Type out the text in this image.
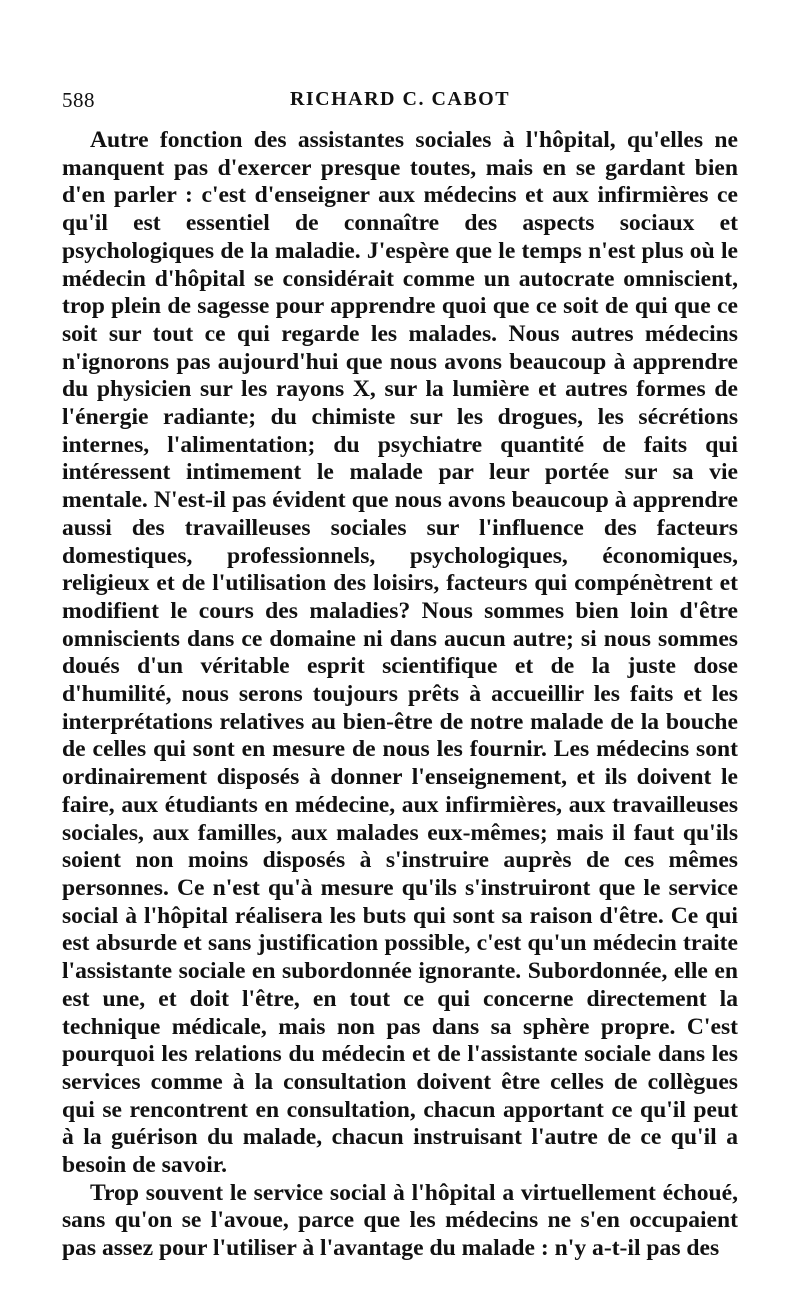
588	RICHARD C. CABOT

Autre fonction des assistantes sociales à l'hôpital, qu'elles ne manquent pas d'exercer presque toutes, mais en se gardant bien d'en parler : c'est d'enseigner aux médecins et aux infirmières ce qu'il est essentiel de connaître des aspects sociaux et psychologiques de la maladie. J'espère que le temps n'est plus où le médecin d'hôpital se considérait comme un autocrate omniscient, trop plein de sagesse pour apprendre quoi que ce soit de qui que ce soit sur tout ce qui regarde les malades. Nous autres médecins n'ignorons pas aujourd'hui que nous avons beaucoup à apprendre du physicien sur les rayons X, sur la lumière et autres formes de l'énergie radiante; du chimiste sur les drogues, les sécrétions internes, l'alimentation; du psychiatre quantité de faits qui intéressent intimement le malade par leur portée sur sa vie mentale. N'est-il pas évident que nous avons beaucoup à apprendre aussi des travailleuses sociales sur l'influence des facteurs domestiques, professionnels, psychologiques, économiques, religieux et de l'utilisation des loisirs, facteurs qui compénètrent et modifient le cours des maladies? Nous sommes bien loin d'être omniscients dans ce domaine ni dans aucun autre; si nous sommes doués d'un véritable esprit scientifique et de la juste dose d'humilité, nous serons toujours prêts à accueillir les faits et les interprétations relatives au bien-être de notre malade de la bouche de celles qui sont en mesure de nous les fournir. Les médecins sont ordinairement disposés à donner l'enseignement, et ils doivent le faire, aux étudiants en médecine, aux infirmières, aux travailleuses sociales, aux familles, aux malades eux-mêmes; mais il faut qu'ils soient non moins disposés à s'instruire auprès de ces mêmes personnes. Ce n'est qu'à mesure qu'ils s'instruiront que le service social à l'hôpital réalisera les buts qui sont sa raison d'être. Ce qui est absurde et sans justification possible, c'est qu'un médecin traite l'assistante sociale en subordonnée ignorante. Subordonnée, elle en est une, et doit l'être, en tout ce qui concerne directement la technique médicale, mais non pas dans sa sphère propre. C'est pourquoi les relations du médecin et de l'assistante sociale dans les services comme à la consultation doivent être celles de collègues qui se rencontrent en consultation, chacun apportant ce qu'il peut à la guérison du malade, chacun instruisant l'autre de ce qu'il a besoin de savoir.

Trop souvent le service social à l'hôpital a virtuellement échoué, sans qu'on se l'avoue, parce que les médecins ne s'en occupaient pas assez pour l'utiliser à l'avantage du malade : n'y a-t-il pas des
